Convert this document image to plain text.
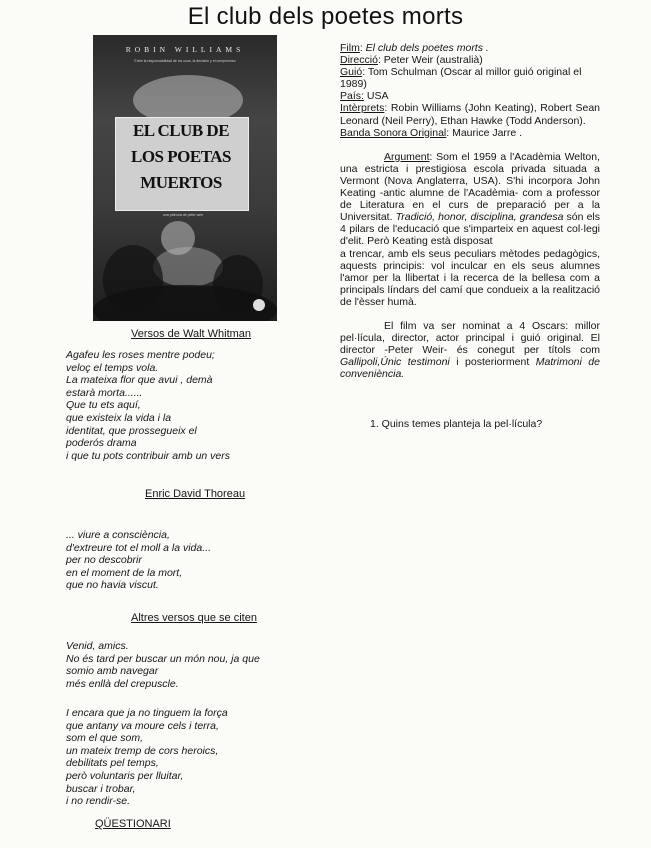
El club dels poetes morts
ROBIN WILLIAMS
Entre la responsabilidad de los usos, la decisión y el compromiso
EL CLUB DE
LOS POETAS
MUERTOS
una película de peter weir
Versos de Walt Whitman
Agafeu les roses mentre podeu;
veloç el temps vola.
La mateixa flor que avui , demà
estarà morta......
Que tu ets aquí,
que existeix la vida i la
identitat, que prossegueix el
poderós drama
i que tu pots contribuir amb un vers
Enric David Thoreau
... viure a consciència,
d'extreure tot el moll a la vida...
per no descobrir
en el moment de la mort,
que no havia viscut.
Altres versos que se citen
Venid, amics.
No és tard per buscar un món nou, ja que
somio amb navegar
més enllà del crepuscle.
I encara que ja no tinguem la força
que antany va moure cels i terra,
som el que som,
un mateix tremp de cors heroics,
debilitats pel temps,
però voluntaris per lluitar,
buscar i trobar,
i no rendir-se.
QÜESTIONARI

Film: El club dels poetes morts .

Direcció: Peter Weir (australià)

Guió: Tom Schulman (Oscar al millor guió original el 1989)

País: USA

Intèrprets: Robin Williams (John Keating), Robert Sean Leonard (Neil Perry), Ethan Hawke (Todd Anderson).

Banda Sonora Original: Maurice Jarre .

Argument: Som el 1959 a l'Acadèmia Welton, una estricta i prestigiosa escola privada situada a Vermont (Nova Anglaterra, USA). S'hi incorpora John Keating -antic alumne de l'Acadèmia- com a professor de Literatura en el curs de preparació per a la Universitat. Tradició, honor, disciplina, grandesa són els 4 pilars de l'educació que s'imparteix en aquest col·legi d'elit. Però Keating està disposat

a trencar, amb els seus peculiars mètodes pedagògics, aquests principis: vol inculcar en els seus alumnes l'amor per la llibertat i la recerca de la bellesa com a principals líndars del camí que condueix a la realització de l'èsser humà.

El film va ser nominat a 4 Oscars: millor pel·lícula, director, actor principal i guió original. El director -Peter Weir- és conegut per títols com Gallipoli,Únic testimoni i posteriorment Matrimoni de conveniència.

1. Quins temes planteja la pel·lícula?
